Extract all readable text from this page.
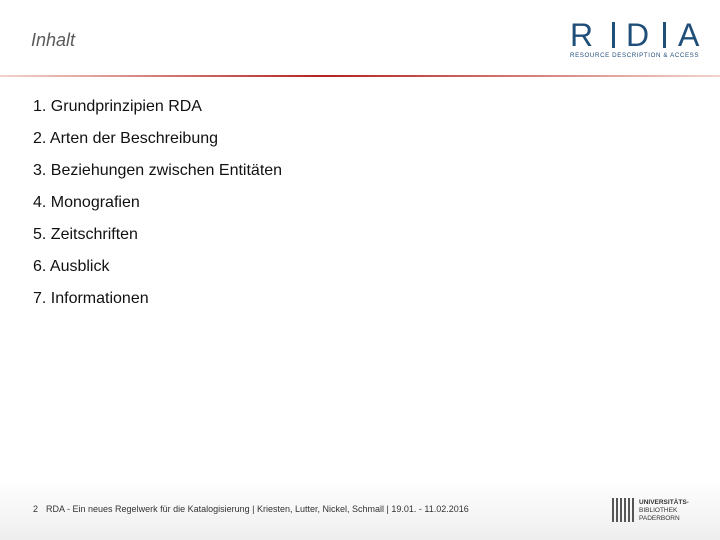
Inhalt	R D A
RESOURCE DESCRIPTION & ACCESS
1. Grundprinzipien RDA
2. Arten der Beschreibung
3. Beziehungen zwischen Entitäten
4. Monografien
5. Zeitschriften
6. Ausblick
7. Informationen
2 RDA - Ein neues Regelwerk für die Katalogisierung | Kriesten, Lutter, Nickel, Schmall | 19.01. - 11.02.2016
UNIVERSITÄTS-
BIBLIOTHEK
PADERBORN
